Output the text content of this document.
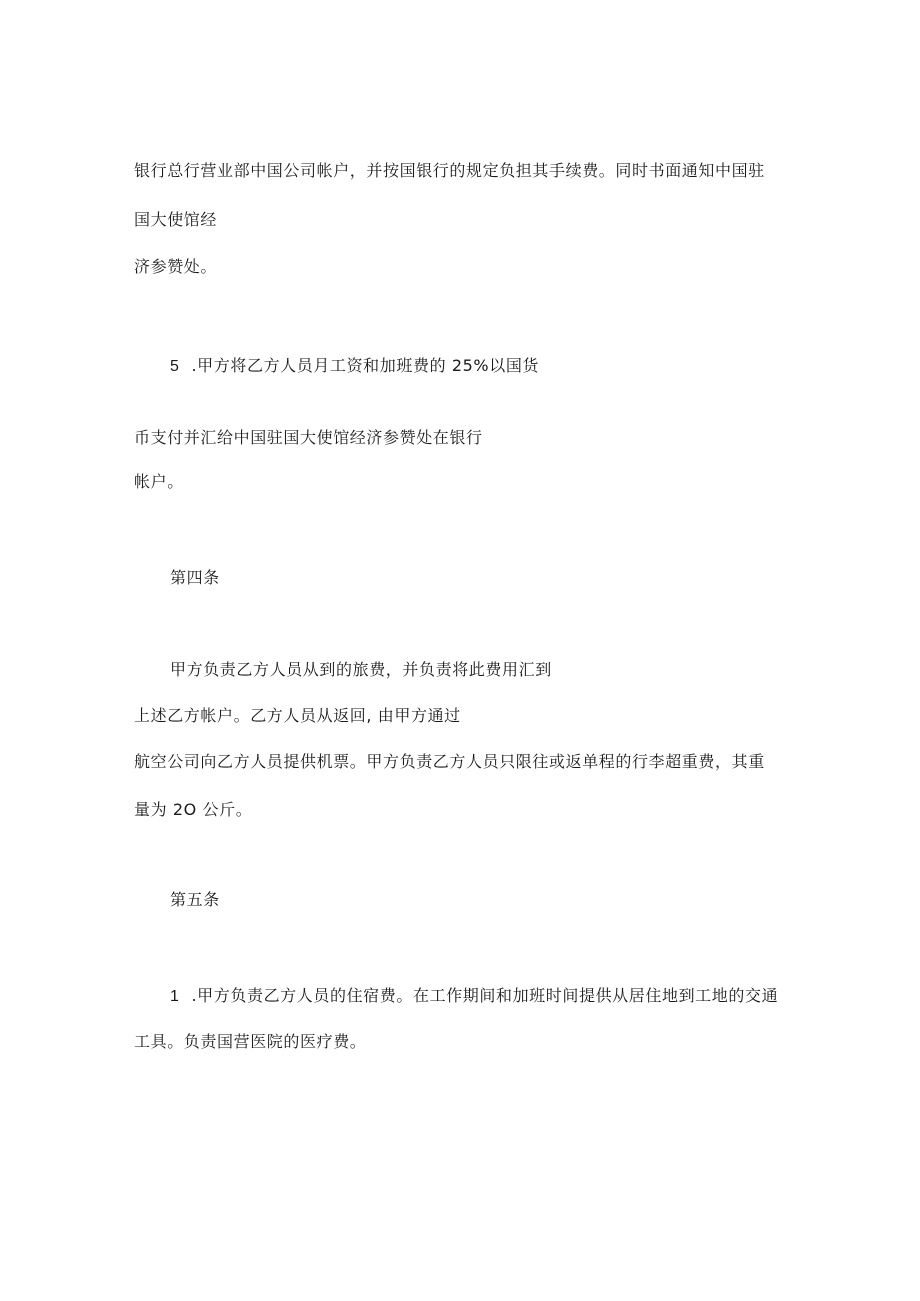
银行总行营业部中国公司帐户，并按国银行的规定负担其手续费。同时书面通知中国驻
国大使馆经
济参赞处。
5 .甲方将乙方人员月工资和加班费的 25%以国货
币支付并汇给中国驻国大使馆经济参赞处在银行
帐户。
第四条
甲方负责乙方人员从到的旅费，并负责将此费用汇到
上述乙方帐户。乙方人员从返回, 由甲方通过
航空公司向乙方人员提供机票。甲方负责乙方人员只限往或返单程的行李超重费，其重
量为 2O 公斤。
第五条
1 .甲方负责乙方人员的住宿费。在工作期间和加班时间提供从居住地到工地的交通
工具。负责国营医院的医疗费。
